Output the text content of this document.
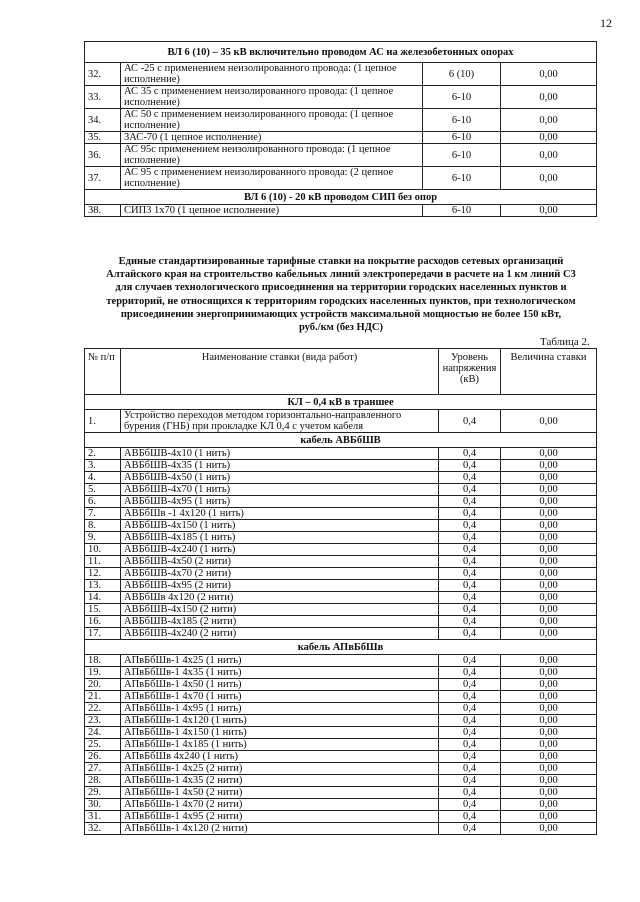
12
ВЛ 6 (10) – 35 кВ включительно проводом АС на железобетонных опорах			
32.	АС -25 с применением неизолированного провода: (1 цепное исполнение)	6 (10)	0,00
33.	АС 35 с применением неизолированного провода: (1 цепное исполнение)	6-10	0,00
34.	АС 50 с применением неизолированного провода: (1 цепное исполнение)	6-10	0,00
35.	3АС-70 (1 цепное исполнение)	6-10	0,00
36.	АС 95с применением неизолированного провода: (1 цепное исполнение)	6-10	0,00
37.	АС 95 с применением неизолированного провода: (2 цепное исполнение)	6-10	0,00
ВЛ 6 (10) - 20 кВ проводом СИП без опор			
38.	СИП3 1х70 (1 цепное исполнение)	6-10	0,00
Единые стандартизированные тарифные ставки на покрытие расходов сетевых организаций
Алтайского края на строительство кабельных линий электропередачи в расчете на 1 км линий С3
для случаев технологического присоединения на территории городских населенных пунктов и
территорий, не относящихся к территориям городских населенных пунктов, при технологическом
присоединении энергопринимающих устройств максимальной мощностью не более 150 кВт,
руб./км (без НДС)
Таблица 2.
№ п/п	Наименование ставки (вида работ)	Уровень напряжения (кВ)	Величина ставки
КЛ – 0,4 кВ в траншее			
1.	Устройство переходов методом горизонтально-направленного бурения (ГНБ) при прокладке КЛ 0,4 с учетом кабеля	0,4	0,00
кабель АВБбШВ			
2.	АВБбШВ-4х10 (1 нить)	0,4	0,00
3.	АВБбШВ-4х35 (1 нить)	0,4	0,00
4.	АВБбШВ-4х50 (1 нить)	0,4	0,00
5.	АВБбШВ-4х70 (1 нить)	0,4	0,00
6.	АВБбШВ-4х95 (1 нить)	0,4	0,00
7.	АВБбШв -1 4х120 (1 нить)	0,4	0,00
8.	АВБбШВ-4х150 (1 нить)	0,4	0,00
9.	АВБбШВ-4х185 (1 нить)	0,4	0,00
10.	АВБбШВ-4х240 (1 нить)	0,4	0,00
11.	АВБбШВ-4х50 (2 нити)	0,4	0,00
12.	АВБбШВ-4х70 (2 нити)	0,4	0,00
13.	АВБбШВ-4х95 (2 нити)	0,4	0,00
14.	АВБбШв 4х120 (2 нити)	0,4	0,00
15.	АВБбШВ-4х150 (2 нити)	0,4	0,00
16.	АВБбШВ-4х185 (2 нити)	0,4	0,00
17.	АВБбШВ-4х240 (2 нити)	0,4	0,00
кабель АПвБбШв			
18.	АПвБбШв-1 4х25 (1 нить)	0,4	0,00
19.	АПвБбШв-1 4х35 (1 нить)	0,4	0,00
20.	АПвБбШв-1 4х50 (1 нить)	0,4	0,00
21.	АПвБбШв-1 4х70 (1 нить)	0,4	0,00
22.	АПвБбШв-1 4х95 (1 нить)	0,4	0,00
23.	АПвБбШв-1 4х120 (1 нить)	0,4	0,00
24.	АПвБбШв-1 4х150 (1 нить)	0,4	0,00
25.	АПвБбШв-1 4х185 (1 нить)	0,4	0,00
26.	АПвБбШв 4х240 (1 нить)	0,4	0,00
27.	АПвБбШв-1 4х25 (2 нити)	0,4	0,00
28.	АПвБбШв-1 4х35 (2 нити)	0,4	0,00
29.	АПвБбШв-1 4х50 (2 нити)	0,4	0,00
30.	АПвБбШв-1 4х70 (2 нити)	0,4	0,00
31.	АПвБбШв-1 4х95 (2 нити)	0,4	0,00
32.	АПвБбШв-1 4х120 (2 нити)	0,4	0,00
